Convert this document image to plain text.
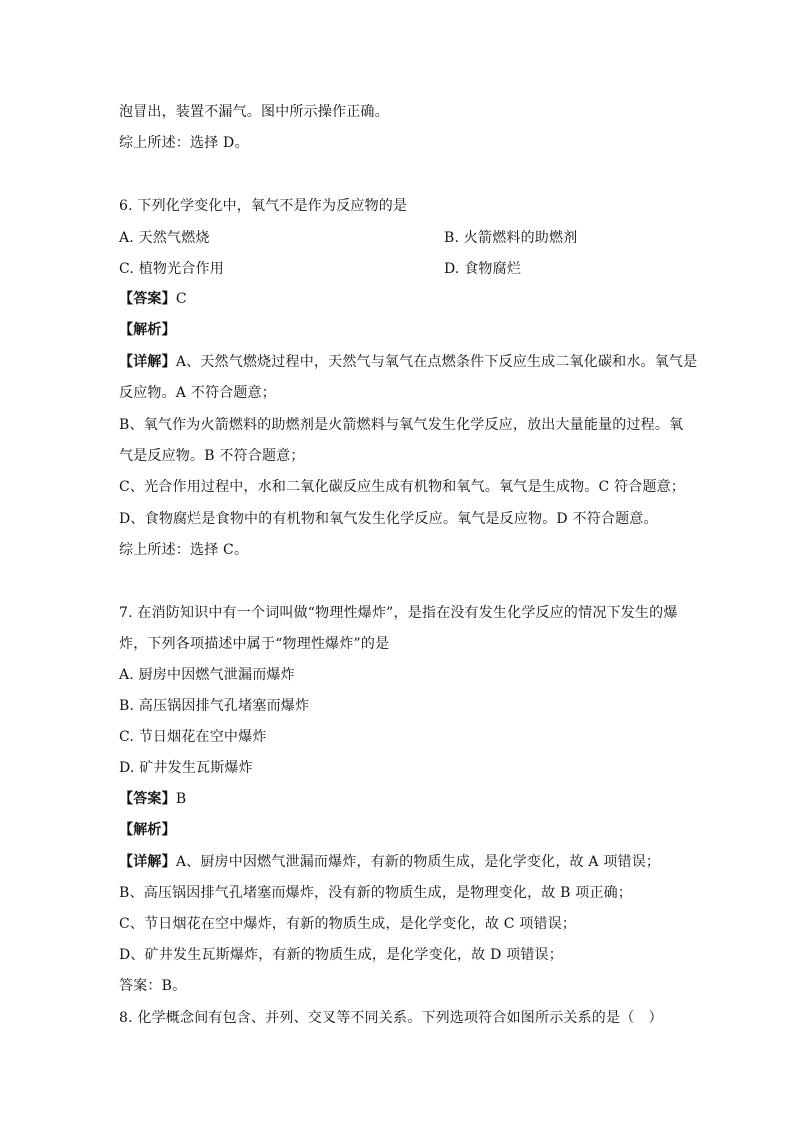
泡冒出，装置不漏气。图中所示操作正确。
综上所述：选择 D。
6. 下列化学变化中，氧气不是作为反应物的是
A. 天然气燃烧	B. 火箭燃料的助燃剂
C. 植物光合作用	D. 食物腐烂
【答案】C
【解析】
【详解】A、天然气燃烧过程中，天然气与氧气在点燃条件下反应生成二氧化碳和水。氧气是
反应物。A 不符合题意；
B、氧气作为火箭燃料的助燃剂是火箭燃料与氧气发生化学反应，放出大量能量的过程。氧
气是反应物。B 不符合题意；
C、光合作用过程中，水和二氧化碳反应生成有机物和氧气。氧气是生成物。C 符合题意；
D、食物腐烂是食物中的有机物和氧气发生化学反应。氧气是反应物。D 不符合题意。
综上所述：选择 C。
7. 在消防知识中有一个词叫做“物理性爆炸”，是指在没有发生化学反应的情况下发生的爆
炸，下列各项描述中属于“物理性爆炸”的是
A. 厨房中因燃气泄漏而爆炸
B. 高压锅因排气孔堵塞而爆炸
C. 节日烟花在空中爆炸
D. 矿井发生瓦斯爆炸
【答案】B
【解析】
【详解】A、厨房中因燃气泄漏而爆炸，有新的物质生成，是化学变化，故 A 项错误；
B、高压锅因排气孔堵塞而爆炸，没有新的物质生成，是物理变化，故 B 项正确；
C、节日烟花在空中爆炸，有新的物质生成，是化学变化，故 C 项错误；
D、矿井发生瓦斯爆炸，有新的物质生成，是化学变化，故 D 项错误；
答案：B。
8. 化学概念间有包含、并列、交叉等不同关系。下列选项符合如图所示关系的是（　）
